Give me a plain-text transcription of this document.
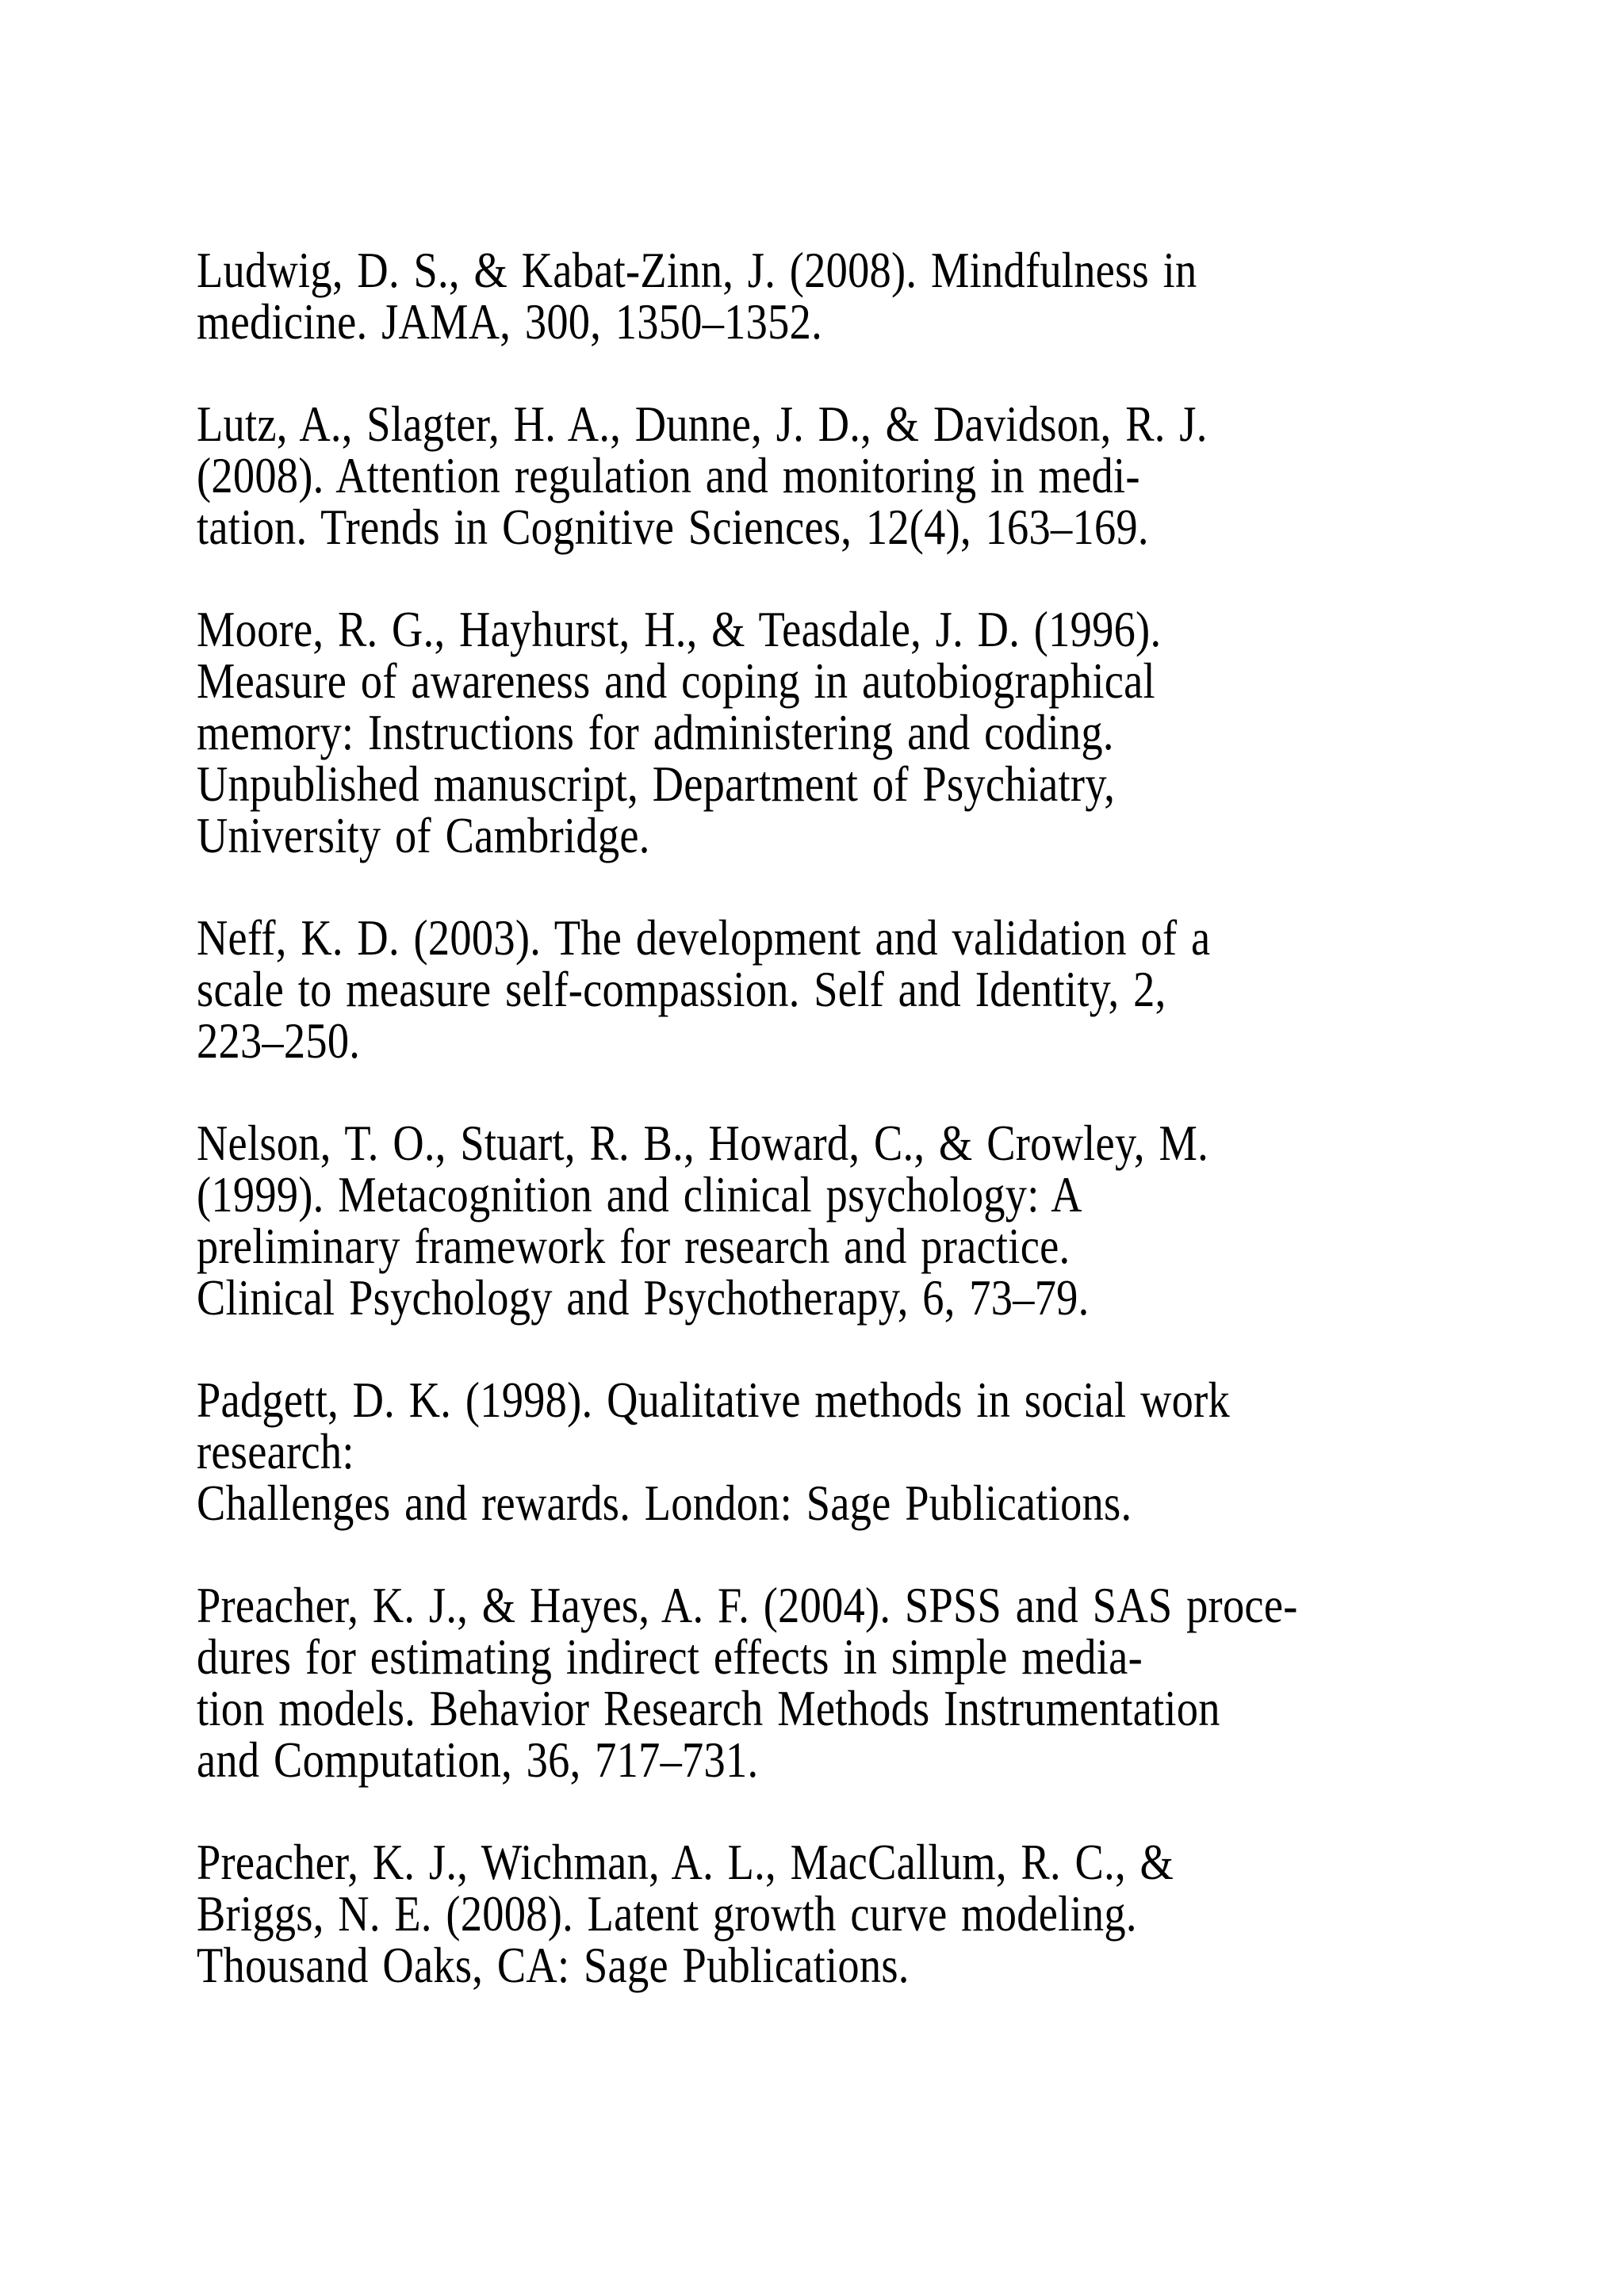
Ludwig, D. S., & Kabat-Zinn, J. (2008). Mindfulness in
medicine. JAMA, 300, 1350–1352.

Lutz, A., Slagter, H. A., Dunne, J. D., & Davidson, R. J.
(2008). Attention regulation and monitoring in medi-
tation. Trends in Cognitive Sciences, 12(4), 163–169.

Moore, R. G., Hayhurst, H., & Teasdale, J. D. (1996).
Measure of awareness and coping in autobiographical
memory: Instructions for administering and coding.
Unpublished manuscript, Department of Psychiatry,
University of Cambridge.

Neff, K. D. (2003). The development and validation of a
scale to measure self-compassion. Self and Identity, 2,
223–250.

Nelson, T. O., Stuart, R. B., Howard, C., & Crowley, M.
(1999). Metacognition and clinical psychology: A
preliminary framework for research and practice.
Clinical Psychology and Psychotherapy, 6, 73–79.

Padgett, D. K. (1998). Qualitative methods in social work
research:
Challenges and rewards. London: Sage Publications.

Preacher, K. J., & Hayes, A. F. (2004). SPSS and SAS proce-
dures for estimating indirect effects in simple media-
tion models. Behavior Research Methods Instrumentation
and Computation, 36, 717–731.

Preacher, K. J., Wichman, A. L., MacCallum, R. C., &
Briggs, N. E. (2008). Latent growth curve modeling.
Thousand Oaks, CA: Sage Publications.
